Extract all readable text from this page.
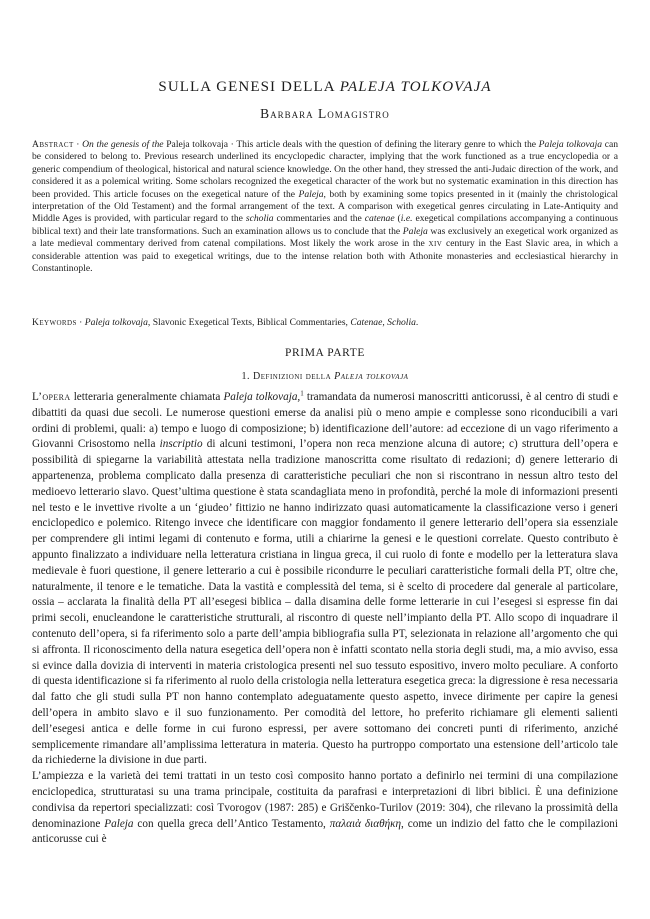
SULLA GENESI DELLA PALEJA TOLKOVAJA
Barbara Lomagistro
Abstract · On the genesis of the Paleja tolkovaja · This article deals with the question of defining the literary genre to which the Paleja tolkovaja can be considered to belong to. Previous research underlined its encyclopedic character, implying that the work functioned as a true encyclopedia or a generic compendium of theological, historical and natural science knowledge. On the other hand, they stressed the anti-Judaic direction of the work, and considered it as a polemical writing. Some scholars recognized the exegetical character of the work but no systematic examination in this direction has been provided. This article focuses on the exegetical nature of the Paleja, both by examining some topics presented in it (mainly the christological interpretation of the Old Testament) and the formal arrangement of the text. A comparison with exegetical genres circulating in Late-Antiquity and Middle Ages is provided, with particular regard to the scholia commentaries and the catenae (i.e. exegetical compilations accompanying a continuous biblical text) and their late transformations. Such an examination allows us to conclude that the Paleja was exclusively an exegetical work organized as a late medieval commentary derived from catenal compilations. Most likely the work arose in the xiv century in the East Slavic area, in which a considerable attention was paid to exegetical writings, due to the intense relation both with Athonite monasteries and ecclesiastical hierarchy in Constantinople.
Keywords · Paleja tolkovaja, Slavonic Exegetical Texts, Biblical Commentaries, Catenae, Scholia.
PRIMA PARTE
1. Definizioni della Paleja tolkovaja

L’opera letteraria generalmente chiamata Paleja tolkovaja,$^1$ tramandata da numerosi manoscritti anticorussi, è al centro di studi e dibattiti da quasi due secoli. Le numerose questioni emerse da analisi più o meno ampie e complesse sono riconducibili a vari ordini di problemi, quali: a) tempo e luogo di composizione; b) identificazione dell’autore: ad eccezione di un vago riferimento a Giovanni Crisostomo nella inscriptio di alcuni testimoni, l’opera non reca menzione alcuna di autore; c) struttura dell’opera e possibilità di spiegarne la variabilità attestata nella tradizione manoscritta come risultato di redazioni; d) genere letterario di appartenenza, problema complicato dalla presenza di caratteristiche peculiari che non si riscontrano in nessun altro testo del medioevo letterario slavo. Quest’ultima questione è stata scandagliata meno in profondità, perché la mole di informazioni presenti nel testo e le invettive rivolte a un ‘giudeo’ fittizio ne hanno indirizzato quasi automaticamente la classificazione verso i generi enciclopedico e polemico. Ritengo invece che identificare con maggior fondamento il genere letterario dell’opera sia essenziale per comprendere gli intimi legami di contenuto e forma, utili a chiarirne la genesi e le questioni correlate. Questo contributo è appunto finalizzato a individuare nella letteratura cristiana in lingua greca, il cui ruolo di fonte e modello per la letteratura slava medievale è fuori questione, il genere letterario a cui è possibile ricondurre le peculiari caratteristiche formali della PT, oltre che, naturalmente, il tenore e le tematiche. Data la vastità e complessità del tema, si è scelto di procedere dal generale al particolare, ossia – acclarata la finalità della PT all’esegesi biblica – dalla disamina delle forme letterarie in cui l’esegesi si espresse fin dai primi secoli, enucleandone le caratteristiche strutturali, al riscontro di queste nell’impianto della PT. Allo scopo di inquadrare il contenuto dell’opera, si fa riferimento solo a parte dell’ampia bibliografia sulla PT, selezionata in relazione all’argomento che qui si affronta. Il riconoscimento della natura esegetica dell’opera non è infatti scontato nella storia degli studi, ma, a mio avviso, essa si evince dalla dovizia di interventi in materia cristologica presenti nel suo tessuto espositivo, invero molto peculiare. A conforto di questa identificazione si fa riferimento al ruolo della cristologia nella letteratura esegetica greca: la digressione è resa necessaria dal fatto che gli studi sulla PT non hanno contemplato adeguatamente questo aspetto, invece dirimente per capire la genesi dell’opera in ambito slavo e il suo funzionamento. Per comodità del lettore, ho preferito richiamare gli elementi salienti dell’esegesi antica e delle forme in cui furono espressi, per avere sottomano dei concreti punti di riferimento, anziché semplicemente rimandare all’amplissima letteratura in materia. Questo ha purtroppo comportato una estensione dell’articolo tale da richiederne la divisione in due parti.

L’ampiezza e la varietà dei temi trattati in un testo così composito hanno portato a definirlo nei termini di una compilazione enciclopedica, strutturatasi su una trama principale, costituita da parafrasi e interpretazioni di libri biblici. È una definizione condivisa da repertori specializzati: così Tvorogov (1987: 285) e Griščenko-Turilov (2019: 304), che rilevano la prossimità della denominazione Paleja con quella greca dell’Antico Testamento, παλαιὰ διαθήκη, come un indizio del fatto che le compilazioni anticorusse cui è
